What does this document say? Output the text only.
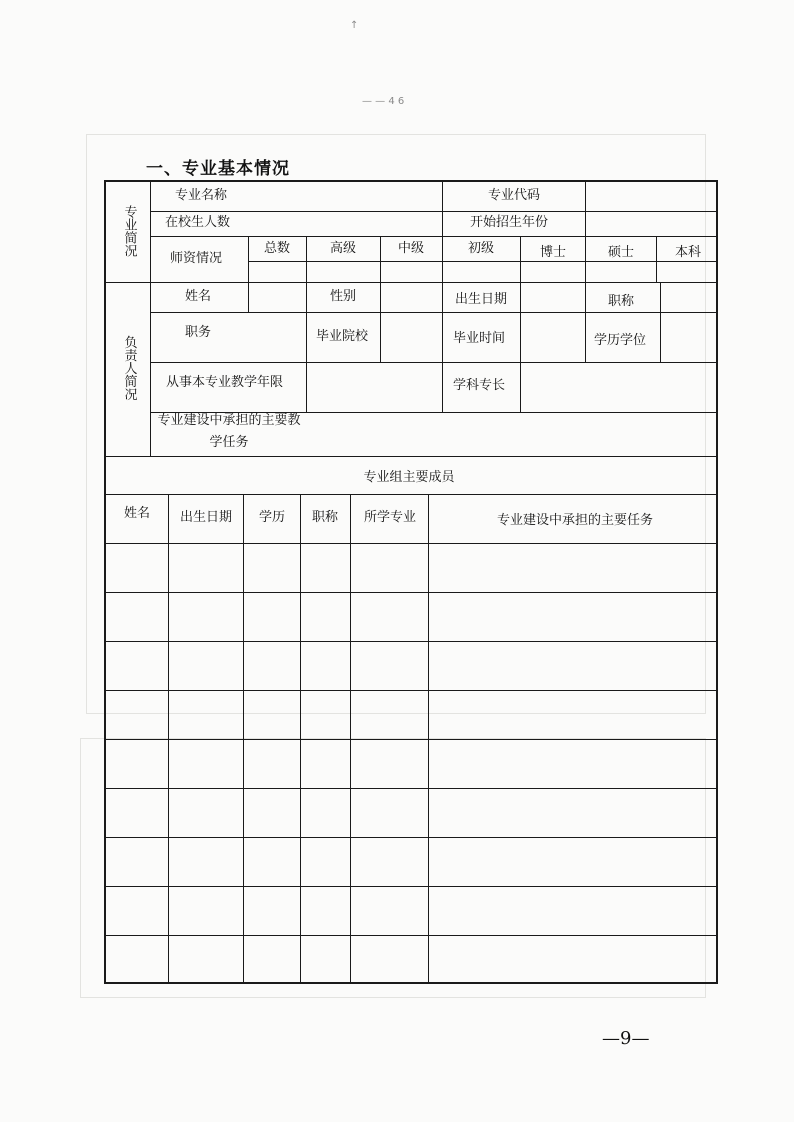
↑
— — 4 6
一、专业基本情况
专业简况
负责人简况
专业名称	专业代码
在校生人数	开始招生年份
师资情况
总数	高级	中级	初级	博士	硕士	本科
姓名	性别	出生日期	职称
职务	毕业院校	毕业时间	学历学位
从事本专业教学年限	学科专长
专业建设中承担的主要教学任务
专业组主要成员
姓名 出生日期 学历 职称 所学专业	专业建设中承担的主要任务
—9—
